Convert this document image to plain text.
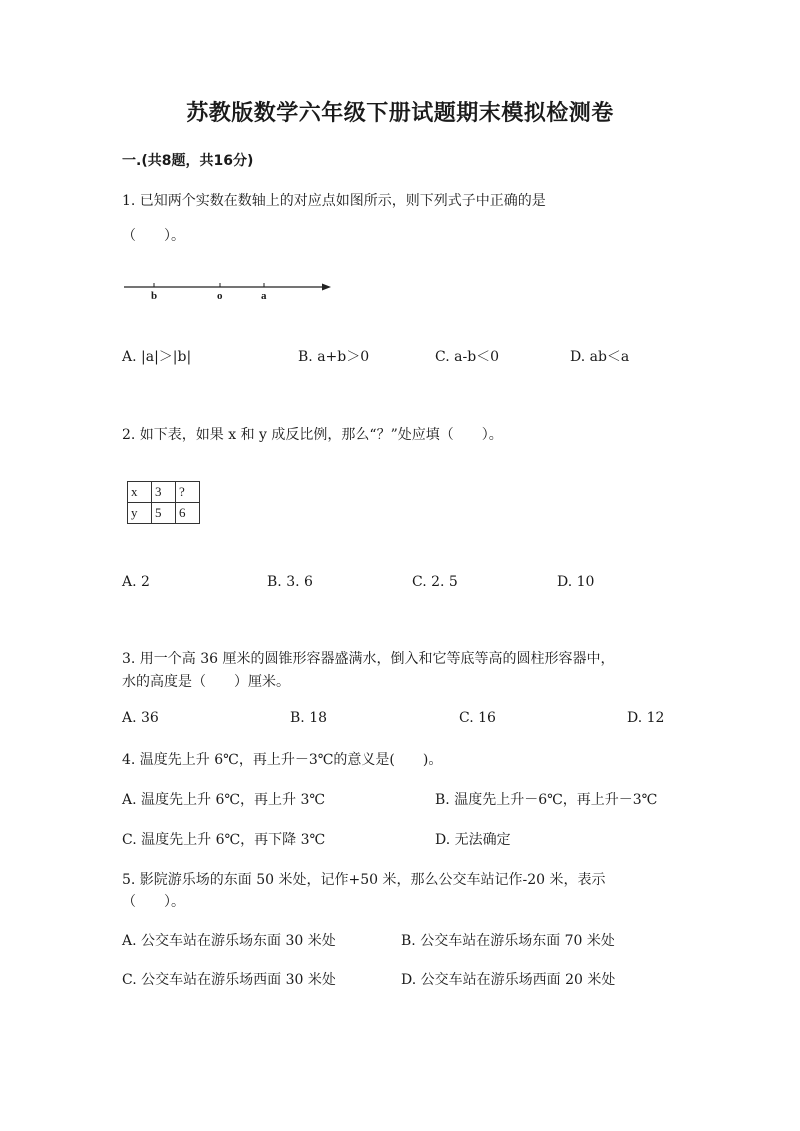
苏教版数学六年级下册试题期末模拟检测卷
一.(共8题，共16分)
1. 已知两个实数在数轴上的对应点如图所示，则下列式子中正确的是
（　　）。
b	o	a
A. |a|＞|b|	B. a+b＞0	C. a-b＜0	D. ab＜a
2. 如下表，如果 x 和 y 成反比例，那么“？”处应填（　　）。
x	3	?
y	5	6
A. 2	B. 3. 6	C. 2. 5	D. 10
3. 用一个高 36 厘米的圆锥形容器盛满水，倒入和它等底等高的圆柱形容器中，
水的高度是（　　）厘米。
A. 36	B. 18	C. 16	D. 12
4. 温度先上升 6℃，再上升－3℃的意义是(　　)。
A. 温度先上升 6℃，再上升 3℃	B. 温度先上升－6℃，再上升－3℃
C. 温度先上升 6℃，再下降 3℃	D. 无法确定
5. 影院游乐场的东面 50 米处，记作+50 米，那么公交车站记作-20 米，表示
（　　）。
A. 公交车站在游乐场东面 30 米处	B. 公交车站在游乐场东面 70 米处
C. 公交车站在游乐场西面 30 米处	D. 公交车站在游乐场西面 20 米处
